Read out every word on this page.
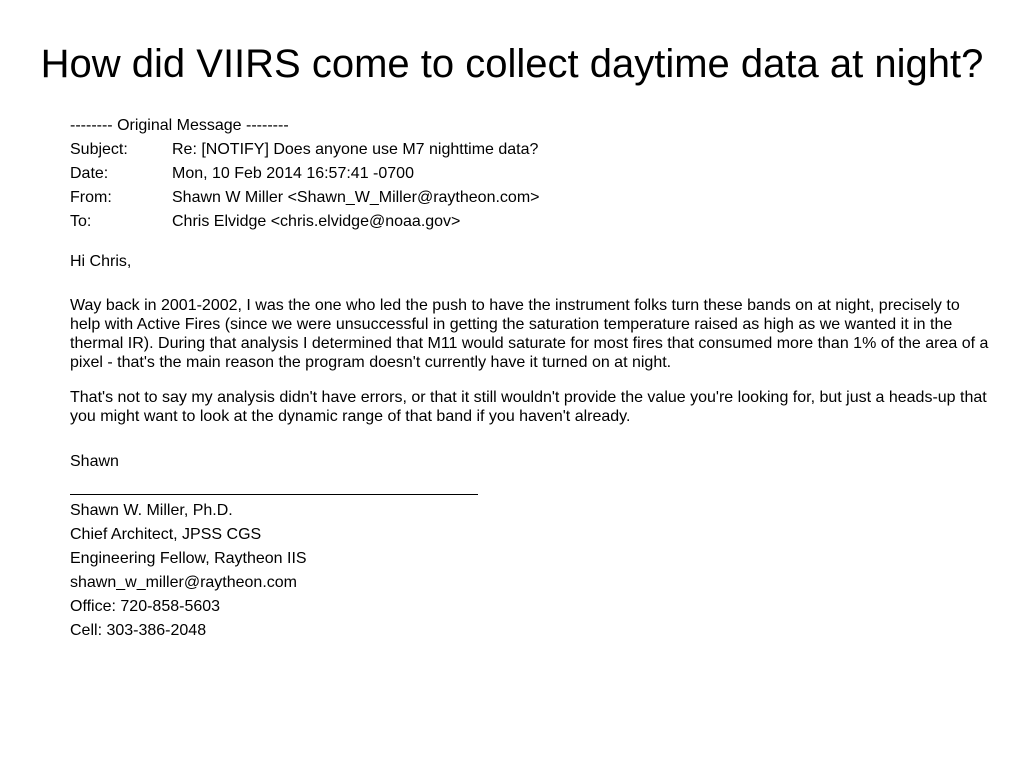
How did VIIRS come to collect daytime data at night?
-------- Original Message --------
Subject:	Re: [NOTIFY] Does anyone use M7 nighttime data?
Date:	Mon, 10 Feb 2014 16:57:41 -0700
From:	Shawn W Miller <Shawn_W_Miller@raytheon.com>
To:	Chris Elvidge <chris.elvidge@noaa.gov>
Hi Chris,

Way back in 2001-2002, I was the one who led the push to have the instrument folks turn these bands on at night, precisely to help with Active Fires (since we were unsuccessful in getting the saturation temperature raised as high as we wanted it in the thermal IR). During that analysis I determined that M11 would saturate for most fires that consumed more than 1% of the area of a pixel - that's the main reason the program doesn't currently have it turned on at night.

That's not to say my analysis didn't have errors, or that it still wouldn't provide the value you're looking for, but just a heads-up that you might want to look at the dynamic range of that band if you haven't already.

Shawn
Shawn W. Miller, Ph.D.
Chief Architect, JPSS CGS
Engineering Fellow, Raytheon IIS
shawn_w_miller@raytheon.com
Office: 720-858-5603
Cell: 303-386-2048
